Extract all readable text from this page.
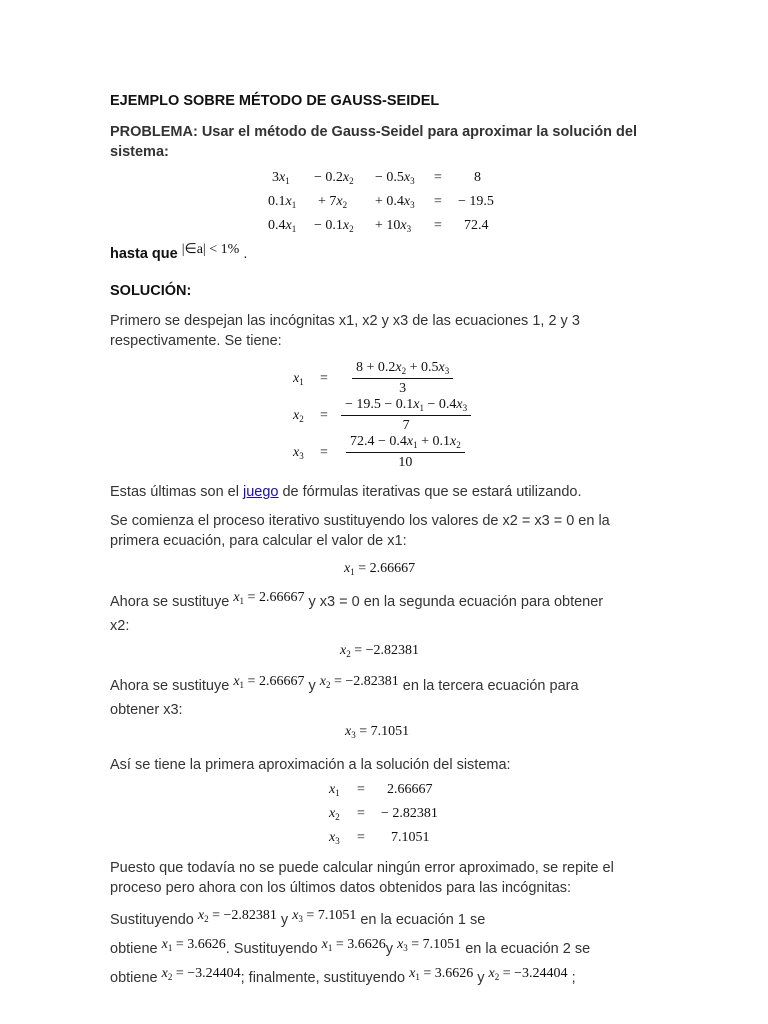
EJEMPLO SOBRE MÉTODO DE GAUSS-SEIDEL
PROBLEMA: Usar el método de Gauss-Seidel para aproximar la solución del sistema:
$3x_1 - 0.2x_2 - 0.5x_3 = 8$
$0.1x_1 + 7x_2 + 0.4x_3$ = − 19.5
$0.4x_1 - 0.1x_2 + 10x_3 = 72.4$
hasta que |∈a| < 1% .
SOLUCIÓN:
Primero se despejan las incógnitas x1, x2 y x3 de las ecuaciones 1, 2 y 3 respectivamente. Se tiene:
$x_1 = \frac{8 + 0.2x_2 + 0.5x_3}{3}$
$x_2 = \frac{- 19.5 - 0.1x_1 - 0.4x_3}{7}$
$x_3 = \frac{72.4 - 0.4x_1 + 0.1x_2}{10}$
Estas últimas son el juego de fórmulas iterativas que se estará utilizando.
Se comienza el proceso iterativo sustituyendo los valores de x2 = x3 = 0 en la primera ecuación, para calcular el valor de x1:
$x_1 = 2.66667$
Ahora se sustituye $x_1 = 2.66667$ y x3 = 0 en la segunda ecuación para obtener
x2:
$x_2 = -2.82381$
Ahora se sustituye $x_1 = 2.66667$ y $x_2 = -2.82381$ en la tercera ecuación para
obtener x3:
$x_3 = 7.1051$
Así se tiene la primera aproximación a la solución del sistema:
$x_1 = 2.66667$
$x_2$ = − 2.82381
$x_3 = 7.1051$
Puesto que todavía no se puede calcular ningún error aproximado, se repite el proceso pero ahora con los últimos datos obtenidos para las incógnitas:
Sustituyendo $x_2 = -2.82381$ y $x_3 = 7.1051$ en la ecuación 1 se
obtiene $x_1 = 3.6626$. Sustituyendo $x_1 = 3.6626y$ $x_3 = 7.1051$ en la ecuación 2 se
obtiene $x_2 = -3.24404$; finalmente, sustituyendo $x_1 = 3.6626$ y $x_2 = -3.24404$ ;
